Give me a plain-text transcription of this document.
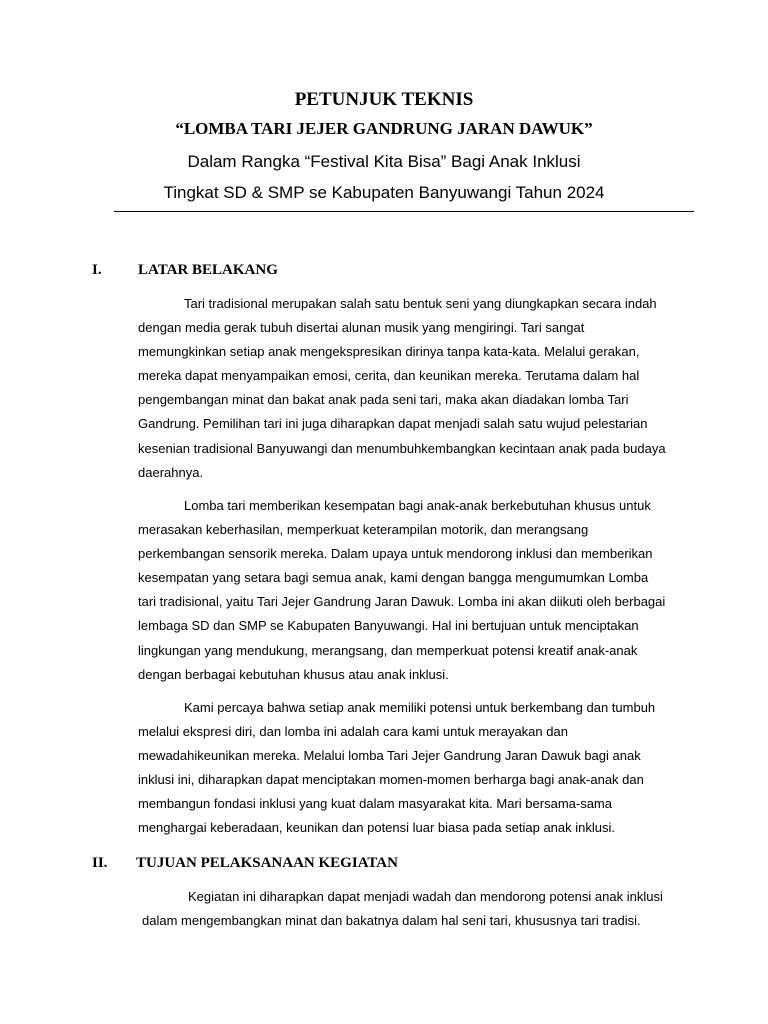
PETUNJUK TEKNIS
“LOMBA TARI JEJER GANDRUNG JARAN DAWUK”
Dalam Rangka “Festival Kita Bisa” Bagi Anak Inklusi
Tingkat SD & SMP se Kabupaten Banyuwangi Tahun 2024
I. LATAR BELAKANG

Tari tradisional merupakan salah satu bentuk seni yang diungkapkan secara indah dengan media gerak tubuh disertai alunan musik yang mengiringi. Tari sangat memungkinkan setiap anak mengekspresikan dirinya tanpa kata-kata. Melalui gerakan, mereka dapat menyampaikan emosi, cerita, dan keunikan mereka. Terutama dalam hal pengembangan minat dan bakat anak pada seni tari, maka akan diadakan lomba Tari Gandrung. Pemilihan tari ini juga diharapkan dapat menjadi salah satu wujud pelestarian kesenian tradisional Banyuwangi dan menumbuhkembangkan kecintaan anak pada budaya daerahnya.

Lomba tari memberikan kesempatan bagi anak-anak berkebutuhan khusus untuk merasakan keberhasilan, memperkuat keterampilan motorik, dan merangsang perkembangan sensorik mereka. Dalam upaya untuk mendorong inklusi dan memberikan kesempatan yang setara bagi semua anak, kami dengan bangga mengumumkan Lomba tari tradisional, yaitu Tari Jejer Gandrung Jaran Dawuk. Lomba ini akan diikuti oleh berbagai lembaga SD dan SMP se Kabupaten Banyuwangi. Hal ini bertujuan untuk menciptakan lingkungan yang mendukung, merangsang, dan memperkuat potensi kreatif anak-anak dengan berbagai kebutuhan khusus atau anak inklusi.

Kami percaya bahwa setiap anak memiliki potensi untuk berkembang dan tumbuh melalui ekspresi diri, dan lomba ini adalah cara kami untuk merayakan dan mewadahikeunikan mereka. Melalui lomba Tari Jejer Gandrung Jaran Dawuk bagi anak inklusi ini, diharapkan dapat menciptakan momen-momen berharga bagi anak-anak dan membangun fondasi inklusi yang kuat dalam masyarakat kita. Mari bersama-sama menghargai keberadaan, keunikan dan potensi luar biasa pada setiap anak inklusi.

II. TUJUAN PELAKSANAAN KEGIATAN

Kegiatan ini diharapkan dapat menjadi wadah dan mendorong potensi anak inklusi dalam mengembangkan minat dan bakatnya dalam hal seni tari, khususnya tari tradisi.
